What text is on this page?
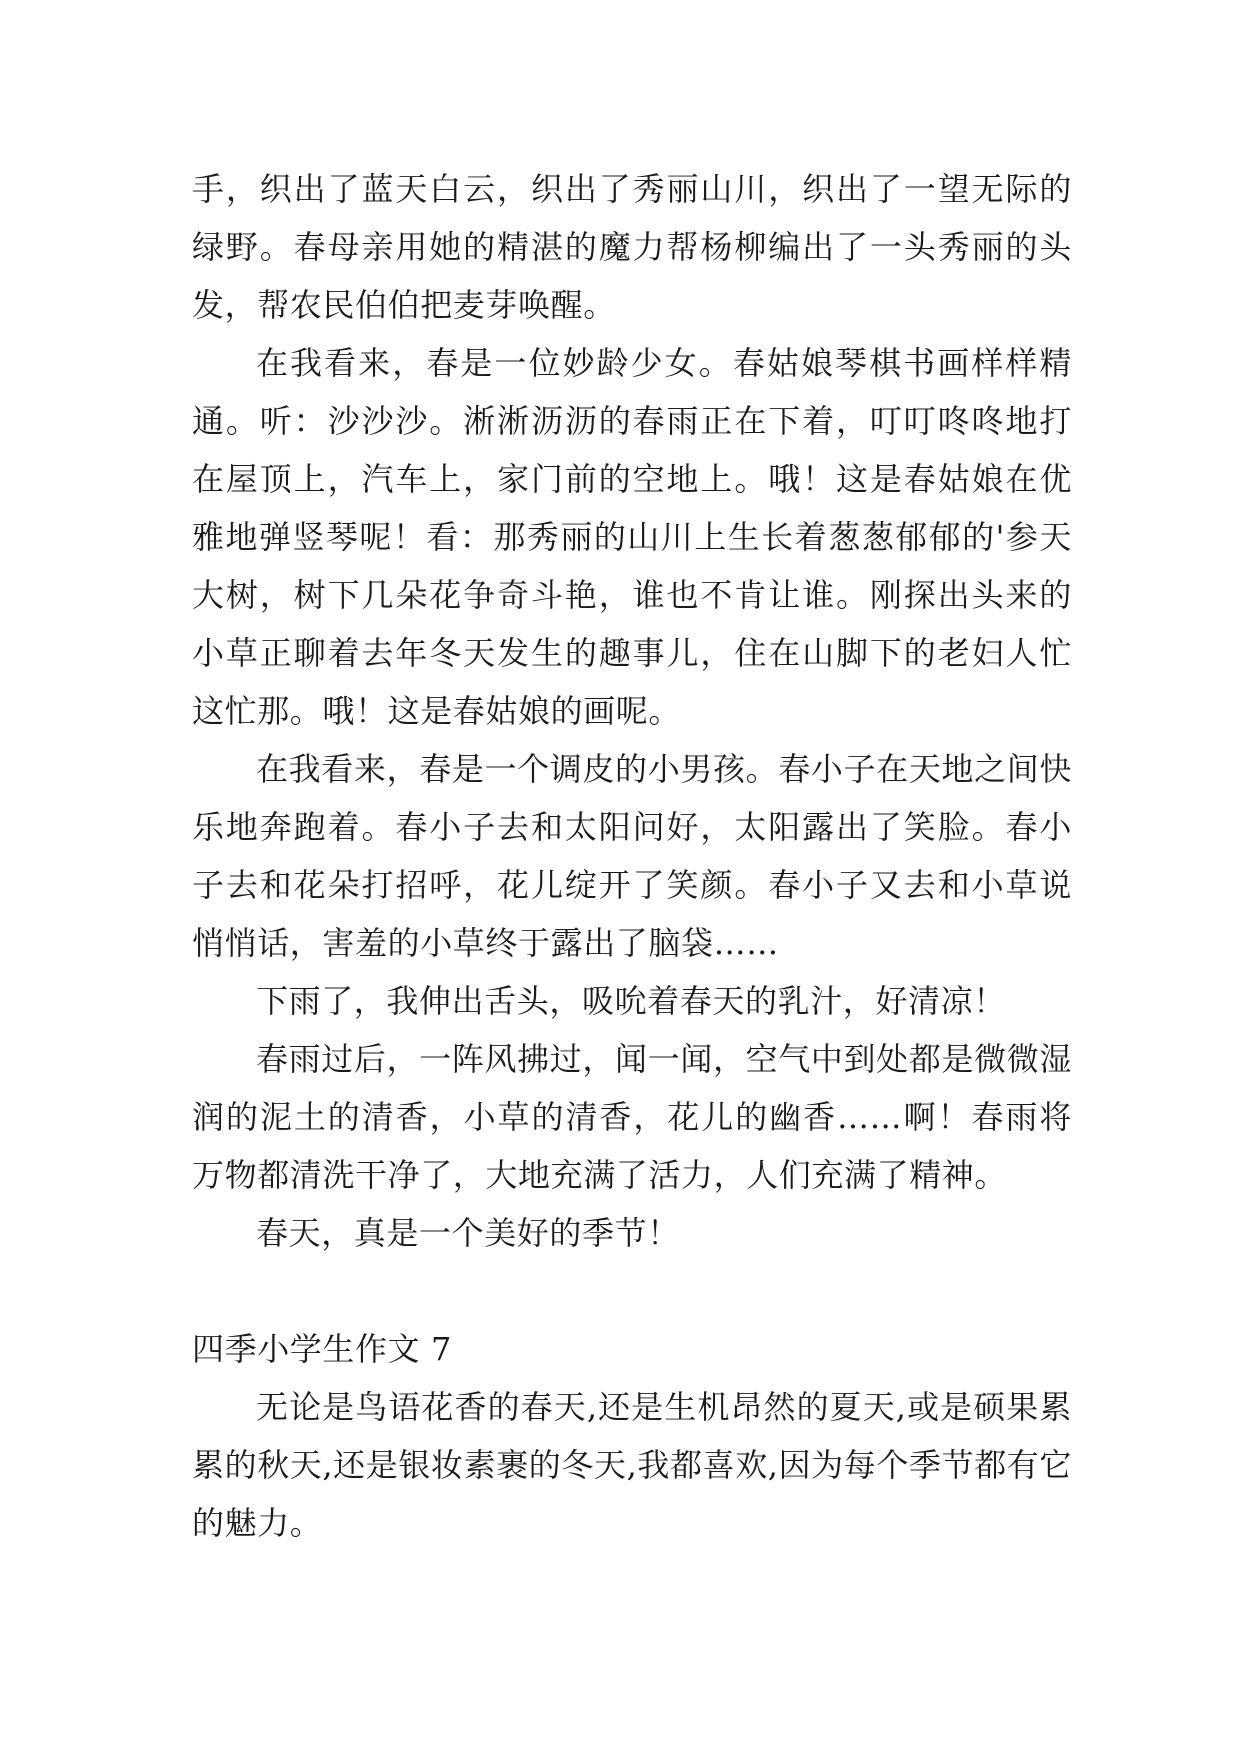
手，织出了蓝天白云，织出了秀丽山川，织出了一望无际的绿野。春母亲用她的精湛的魔力帮杨柳编出了一头秀丽的头发，帮农民伯伯把麦芽唤醒。

在我看来，春是一位妙龄少女。春姑娘琴棋书画样样精通。听：沙沙沙。淅淅沥沥的春雨正在下着，叮叮咚咚地打在屋顶上，汽车上，家门前的空地上。哦！这是春姑娘在优雅地弹竖琴呢！看：那秀丽的山川上生长着葱葱郁郁的'参天大树，树下几朵花争奇斗艳，谁也不肯让谁。刚探出头来的小草正聊着去年冬天发生的趣事儿，住在山脚下的老妇人忙这忙那。哦！这是春姑娘的画呢。

在我看来，春是一个调皮的小男孩。春小子在天地之间快乐地奔跑着。春小子去和太阳问好，太阳露出了笑脸。春小子去和花朵打招呼，花儿绽开了笑颜。春小子又去和小草说悄悄话，害羞的小草终于露出了脑袋……

下雨了，我伸出舌头，吸吮着春天的乳汁，好清凉！

春雨过后，一阵风拂过，闻一闻，空气中到处都是微微湿润的泥土的清香，小草的清香，花儿的幽香……啊！春雨将万物都清洗干净了，大地充满了活力，人们充满了精神。

春天，真是一个美好的季节！

四季小学生作文 7

无论是鸟语花香的春天,还是生机昂然的夏天,或是硕果累累的秋天,还是银妆素裹的冬天,我都喜欢,因为每个季节都有它的魅力。
